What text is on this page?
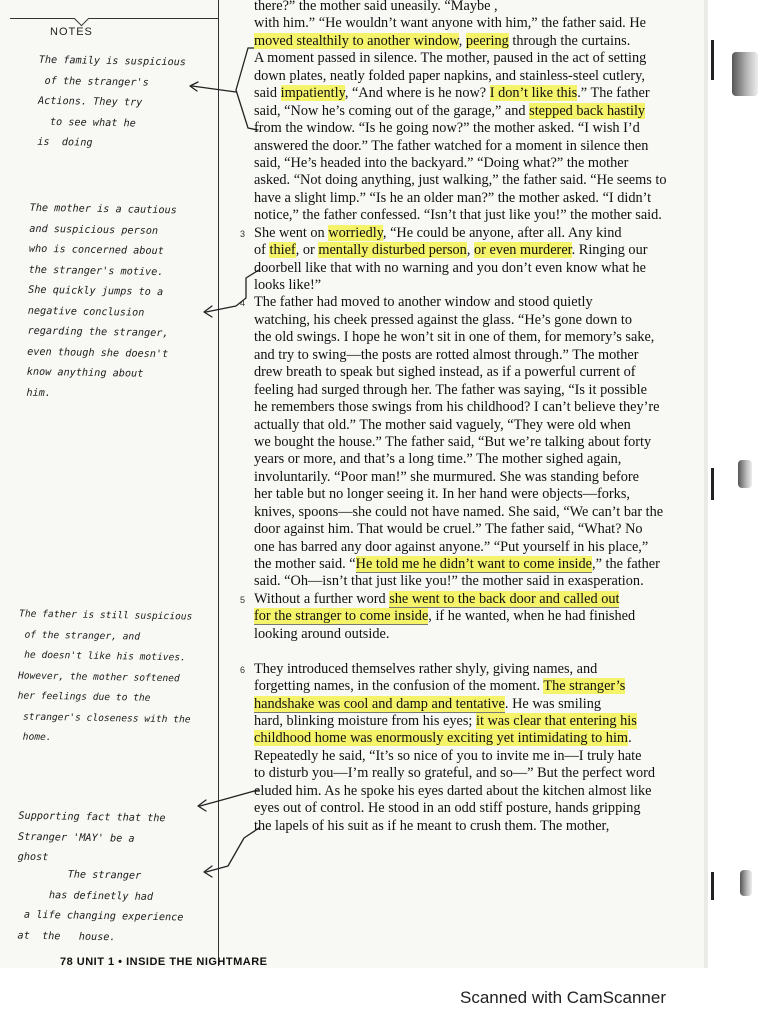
NOTES
The family is suspicious
of the stranger's
Actions. They try
to see what he
is  doing
The mother is a cautious
and suspicious person
who is concerned about
the stranger's motive.
She quickly jumps to a
negative conclusion
regarding the stranger,
even though she doesn't
know anything about
him.
The father is still suspicious
of the stranger, and
he doesn't like his motives.
However, the mother softened
her feelings due to the
stranger's closeness with the
home.
Supporting fact that the
Stranger 'MAY' be a
ghost
The stranger
has definetly had
a life changing experience
at  the   house.
there?” the mother said uneasily. “Maybe ,
with him.” “He wouldn’t want anyone with him,” the father said. He
moved stealthily to another window, peering through the curtains.
A moment passed in silence. The mother, paused in the act of setting
down plates, neatly folded paper napkins, and stainless-steel cutlery,
said impatiently, “And where is he now? I don’t like this.” The father
said, “Now he’s coming out of the garage,” and stepped back hastily
from the window. “Is he going now?” the mother asked. “I wish I’d
answered the door.” The father watched for a moment in silence then
said, “He’s headed into the backyard.” “Doing what?” the mother
asked. “Not doing anything, just walking,” the father said. “He seems to
have a slight limp.” “Is he an older man?” the mother asked. “I didn’t
notice,” the father confessed. “Isn’t that just like you!” the mother said.
3 She went on worriedly, “He could be anyone, after all. Any kind
of thief, or mentally disturbed person, or even murderer. Ringing our
doorbell like that with no warning and you don’t even know what he
looks like!”
4 The father had moved to another window and stood quietly
watching, his cheek pressed against the glass. “He’s gone down to
the old swings. I hope he won’t sit in one of them, for memory’s sake,
and try to swing—the posts are rotted almost through.” The mother
drew breath to speak but sighed instead, as if a powerful current of
feeling had surged through her. The father was saying, “Is it possible
he remembers those swings from his childhood? I can’t believe they’re
actually that old.” The mother said vaguely, “They were old when
we bought the house.” The father said, “But we’re talking about forty
years or more, and that’s a long time.” The mother sighed again,
involuntarily. “Poor man!” she murmured. She was standing before
her table but no longer seeing it. In her hand were objects—forks,
knives, spoons—she could not have named. She said, “We can’t bar the
door against him. That would be cruel.” The father said, “What? No
one has barred any door against anyone.” “Put yourself in his place,”
the mother said. “He told me he didn’t want to come inside,” the father
said. “Oh—isn’t that just like you!” the mother said in exasperation.
5 Without a further word she went to the back door and called out
for the stranger to come inside, if he wanted, when he had finished
looking around outside.
6 They introduced themselves rather shyly, giving names, and
forgetting names, in the confusion of the moment. The stranger’s
handshake was cool and damp and tentative. He was smiling
hard, blinking moisture from his eyes; it was clear that entering his
childhood home was enormously exciting yet intimidating to him.
Repeatedly he said, “It’s so nice of you to invite me in—I truly hate
to disturb you—I’m really so grateful, and so—” But the perfect word
eluded him. As he spoke his eyes darted about the kitchen almost like
eyes out of control. He stood in an odd stiff posture, hands gripping
the lapels of his suit as if he meant to crush them. The mother,
78 UNIT 1 • INSIDE THE NIGHTMARE
Scanned with CamScanner
